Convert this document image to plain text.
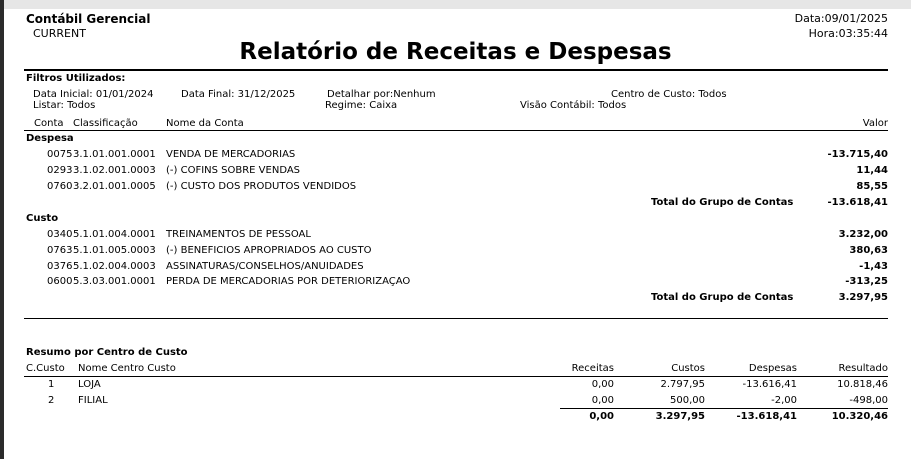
Contábil Gerencial
CURRENT
Relatório de Receitas e Despesas
Data:09/01/2025
Hora:03:35:44
Filtros Utilizados:
Data Inicial: 01/01/2024	Data Final: 31/12/2025	Detalhar por:Nenhum	Centro de Custo: Todos
Listar: Todos	Regime: Caixa	Visão Contábil: Todos
Conta Classificação	Nome da Conta	Valor
Despesa
0075 3.1.01.001.0001 VENDA DE MERCADORIAS	-13.715,40
0293 3.1.02.001.0003 (-) COFINS SOBRE VENDAS	11,44
0760 3.2.01.001.0005 (-) CUSTO DOS PRODUTOS VENDIDOS	85,55
Total do Grupo de Contas	-13.618,41
Custo
0340 5.1.01.004.0001 TREINAMENTOS DE PESSOAL	3.232,00
0763 5.1.01.005.0003 (-) BENEFICIOS APROPRIADOS AO CUSTO	380,63
0376 5.1.02.004.0003 ASSINATURAS/CONSELHOS/ANUIDADES	-1,43
0600 5.3.03.001.0001 PERDA DE MERCADORIAS POR DETERIORIZAÇAO	-313,25
Total do Grupo de Contas	3.297,95
Resumo por Centro de Custo
C.Custo Nome Centro Custo	Receitas	Custos	Despesas	Resultado
1 LOJA	0,00	2.797,95	-13.616,41	10.818,46
2 FILIAL	0,00	500,00	-2,00	-498,00
0,00	3.297,95	-13.618,41	10.320,46
